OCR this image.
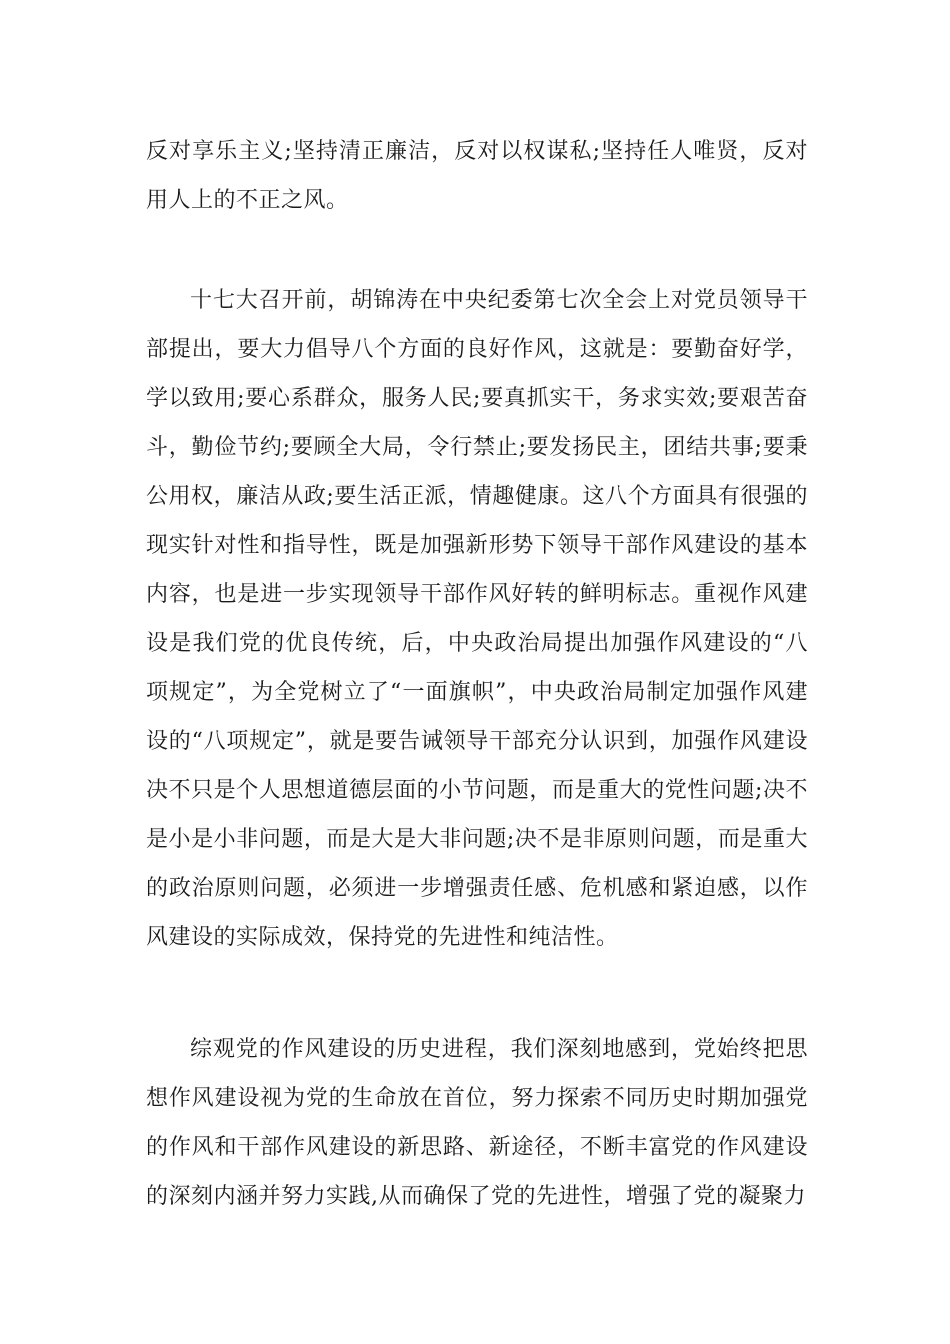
反对享乐主义;坚持清正廉洁，反对以权谋私;坚持任人唯贤，反对用人上的不正之风。

十七大召开前，胡锦涛在中央纪委第七次全会上对党员领导干部提出，要大力倡导八个方面的良好作风，这就是：要勤奋好学，学以致用;要心系群众，服务人民;要真抓实干，务求实效;要艰苦奋斗，勤俭节约;要顾全大局，令行禁止;要发扬民主，团结共事;要秉公用权，廉洁从政;要生活正派，情趣健康。这八个方面具有很强的现实针对性和指导性，既是加强新形势下领导干部作风建设的基本内容，也是进一步实现领导干部作风好转的鲜明标志。重视作风建设是我们党的优良传统，后，中央政治局提出加强作风建设的“八项规定”，为全党树立了“一面旗帜”，中央政治局制定加强作风建设的“八项规定”，就是要告诫领导干部充分认识到，加强作风建设决不只是个人思想道德层面的小节问题，而是重大的党性问题;决不是小是小非问题，而是大是大非问题;决不是非原则问题，而是重大的政治原则问题，必须进一步增强责任感、危机感和紧迫感，以作风建设的实际成效，保持党的先进性和纯洁性。

综观党的作风建设的历史进程，我们深刻地感到，党始终把思想作风建设视为党的生命放在首位，努力探索不同历史时期加强党的作风和干部作风建设的新思路、新途径，不断丰富党的作风建设的深刻内涵并努力实践,从而确保了党的先进性，增强了党的凝聚力
